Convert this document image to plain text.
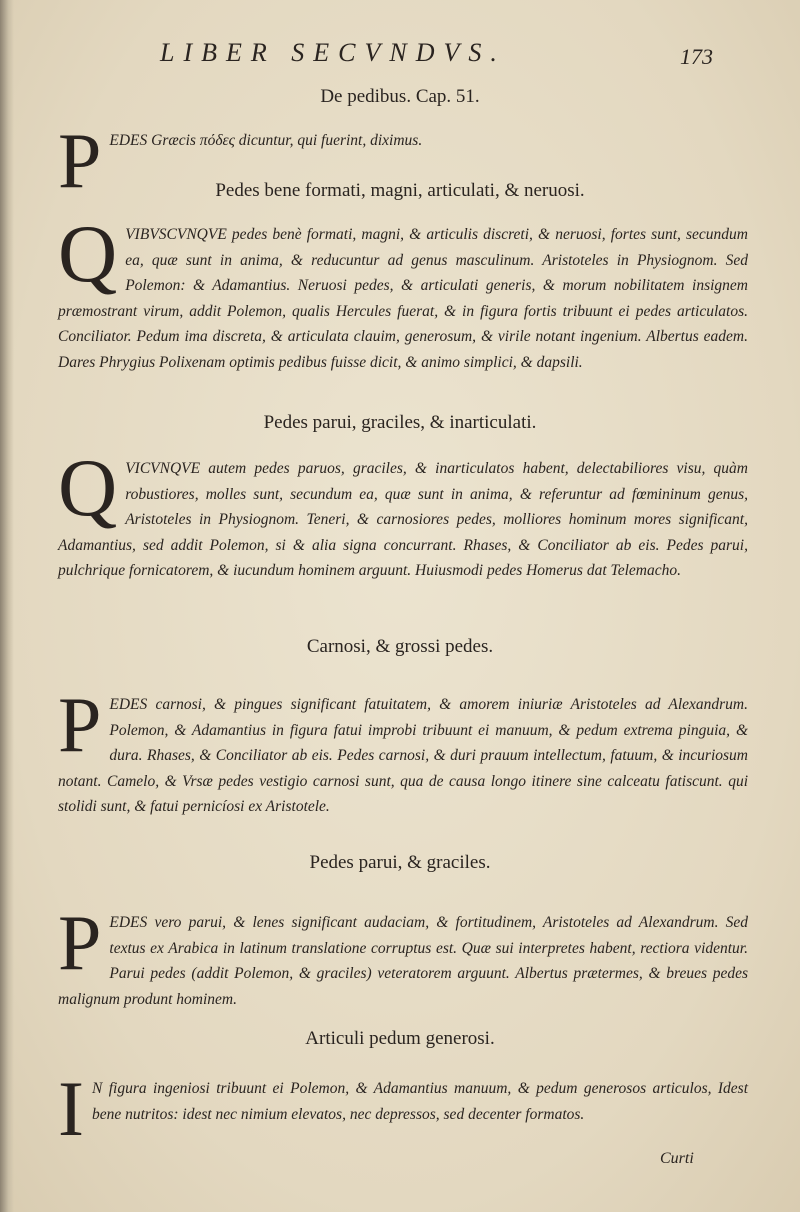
LIBER SECVNDVS.	173
De pedibus. Cap. 51.
P EDES Græcis πόδες dicuntur, qui fuerint, diximus.
Pedes bene formati, magni, articulati, & neruosi.
Q VIBVSCVNQVE pedes benè formati, magni, & articulis discreti, & neruosi, fortes sunt, secundum ea, quæ sunt in anima, & reducuntur ad genus masculinum. Aristoteles in Physiognom. Sed Polemon: & Adamantius. Neruosi pedes, & articulati generis, & morum nobilitatem insignem præmostrant virum, addit Polemon, qualis Hercules fuerat, & in figura fortis tribuunt ei pedes articulatos. Conciliator. Pedum ima discreta, & articulata clauim, generosum, & virile notant ingenium. Albertus eadem. Dares Phrygius Polixenam optimis pedibus fuisse dicit, & animo simplici, & dapsili.
Pedes parui, graciles, & inarticulati.
Q VICVNQVE autem pedes paruos, graciles, & inarticulatos habent, delectabiliores visu, quàm robustiores, molles sunt, secundum ea, quæ sunt in anima, & referuntur ad fœmininum genus, Aristoteles in Physiognom. Teneri, & carnosiores pedes, molliores hominum mores significant, Adamantius, sed addit Polemon, si & alia signa concurrant. Rhases, & Conciliator ab eis. Pedes parui, pulchrique fornicatorem, & iucundum hominem arguunt. Huiusmodi pedes Homerus dat Telemacho.
Carnosi, & grossi pedes.
P EDES carnosi, & pingues significant fatuitatem, & amorem iniuriæ Aristoteles ad Alexandrum. Polemon, & Adamantius in figura fatui improbi tribuunt ei manuum, & pedum extrema pinguia, & dura. Rhases, & Conciliator ab eis. Pedes carnosi, & duri prauum intellectum, fatuum, & incuriosum notant. Camelo, & Vrsæ pedes vestigio carnosi sunt, qua de causa longo itinere sine calceatu fatiscunt. qui stolidi sunt, & fatui pernicíosi ex Aristotele.
Pedes parui, & graciles.
P EDES vero parui, & lenes significant audaciam, & fortitudinem, Aristoteles ad Alexandrum. Sed textus ex Arabica in latinum translatione corruptus est. Quæ sui interpretes habent, rectiora videntur. Parui pedes (addit Polemon, & graciles) veteratorem arguunt. Albertus prætermes, & breues pedes malignum produnt hominem.
Articuli pedum generosi.
I N figura ingeniosi tribuunt ei Polemon, & Adamantius manuum, & pedum generosos articulos, Idest bene nutritos: idest nec nimium elevatos, nec depressos, sed decenter formatos.
Curti
